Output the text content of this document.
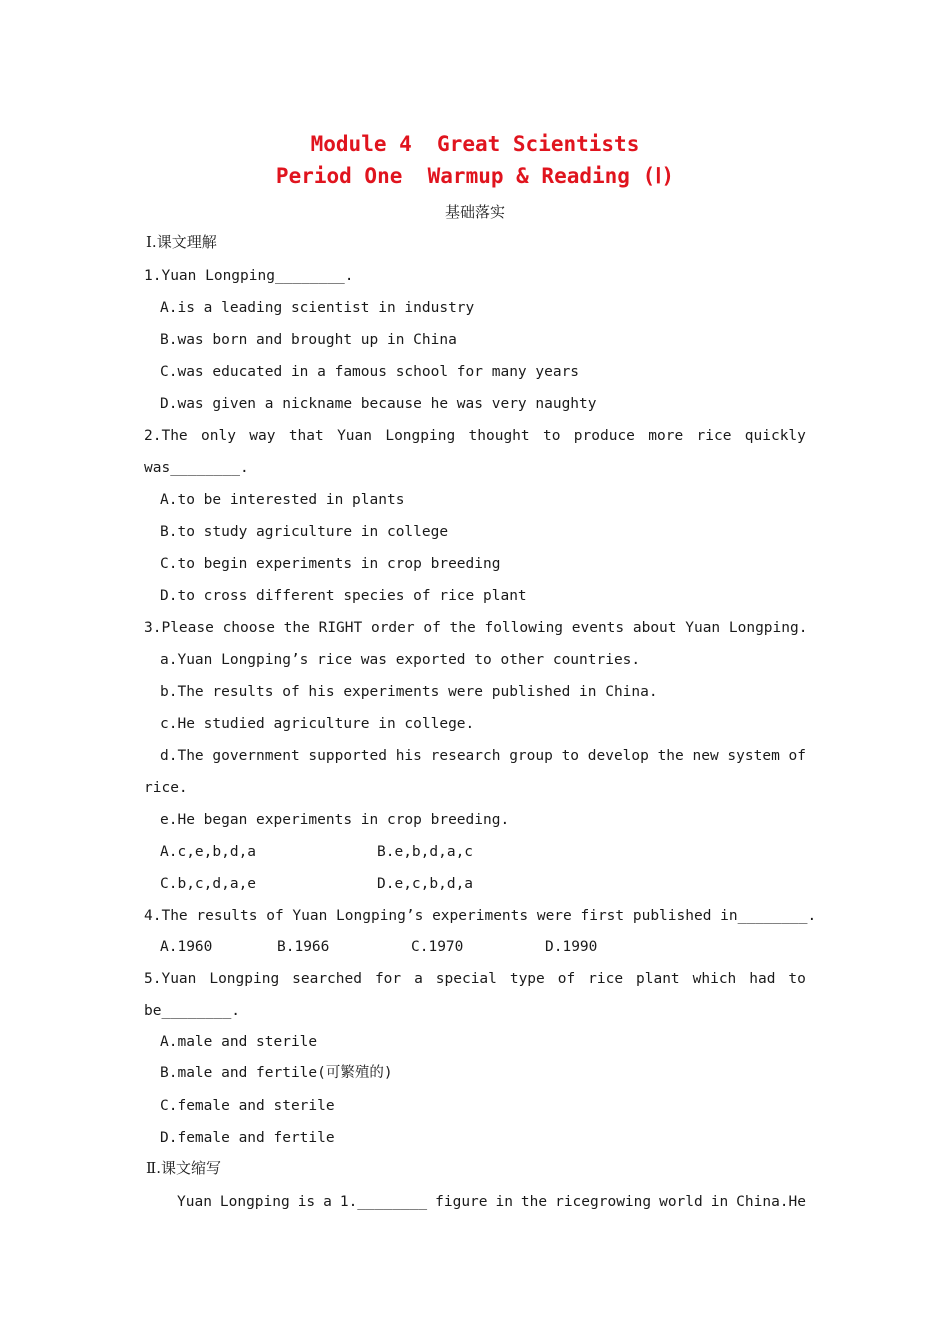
Module 4  Great Scientists
Period One  Warmup & Reading (Ⅰ)
基础落实
Ⅰ.课文理解
1.Yuan Longping________.
A.is a leading scientist in industry
B.was born and brought up in China
C.was educated in a famous school for many years
D.was given a nickname because he was very naughty
2.The only way that Yuan Longping thought to produce more rice quickly
was________.
A.to be interested in plants
B.to study agriculture in college
C.to begin experiments in crop breeding
D.to cross different species of rice plant
3.Please choose the RIGHT order of the following events about Yuan Longping.
a.Yuan Longping’s rice was exported to other countries.
b.The results of his experiments were published in China.
c.He studied agriculture in college.
d.The government supported his research group to develop the new system of
rice.
e.He began experiments in crop breeding.
A.c,e,b,d,a	B.e,b,d,a,c
C.b,c,d,a,e	D.e,c,b,d,a
4.The results of Yuan Longping’s experiments were first published in________.
A.1960	B.1966	C.1970	D.1990
5.Yuan Longping searched for a special type of rice plant which had to
be________.
A.male and sterile
B.male and fertile(可繁殖的)
C.female and sterile
D.female and fertile
Ⅱ.课文缩写
Yuan Longping is a 1.________ figure in the ricegrowing world in China.He
